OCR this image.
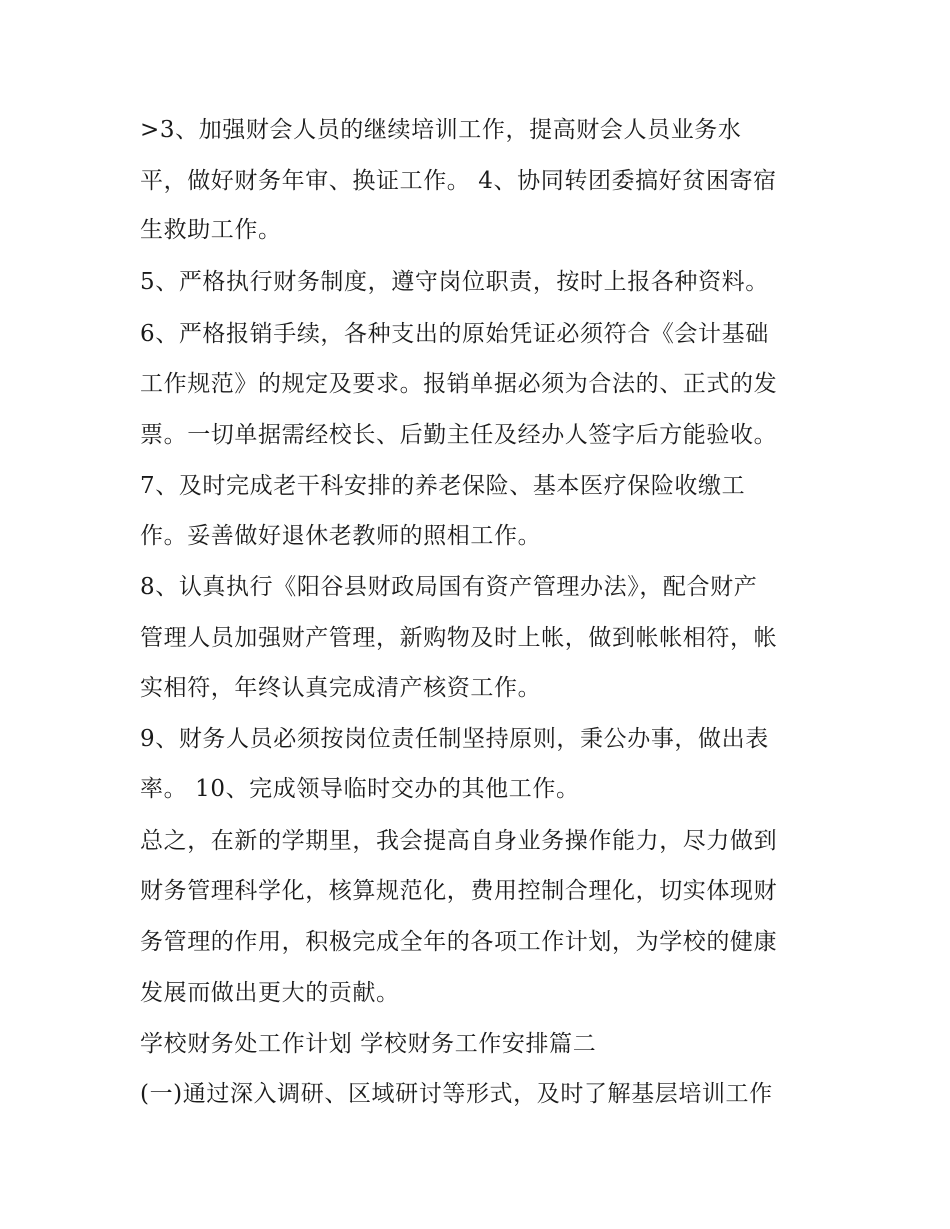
>3、加强财会人员的继续培训工作，提高财会人员业务水
平，做好财务年审、换证工作。 4、协同转团委搞好贫困寄宿
生救助工作。
5、严格执行财务制度，遵守岗位职责，按时上报各种资料。
6、严格报销手续，各种支出的原始凭证必须符合《会计基础
工作规范》的规定及要求。报销单据必须为合法的、正式的发
票。一切单据需经校长、后勤主任及经办人签字后方能验收。
7、及时完成老干科安排的养老保险、基本医疗保险收缴工
作。妥善做好退休老教师的照相工作。
8、认真执行《阳谷县财政局国有资产管理办法》，配合财产
管理人员加强财产管理，新购物及时上帐，做到帐帐相符，帐
实相符，年终认真完成清产核资工作。
9、财务人员必须按岗位责任制坚持原则，秉公办事，做出表
率。 10、完成领导临时交办的其他工作。
总之，在新的学期里，我会提高自身业务操作能力，尽力做到
财务管理科学化，核算规范化，费用控制合理化，切实体现财
务管理的作用，积极完成全年的各项工作计划，为学校的健康
发展而做出更大的贡献。
学校财务处工作计划 学校财务工作安排篇二
(一)通过深入调研、区域研讨等形式，及时了解基层培训工作
